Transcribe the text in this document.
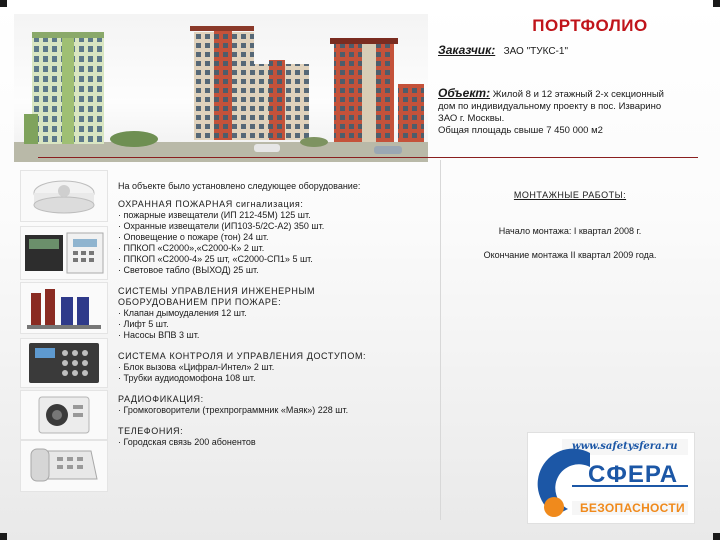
ПОРТФОЛИО
Заказчик: ЗАО "ТУКС-1"
Объект: Жилой 8 и 12 этажный 2-х секционный
дом по индивидуальному проекту в пос. Изварино
ЗАО г. Москвы.
Общая площадь свыше 7 450 000 м2
На объекте было установлено следующее оборудование:
ОХРАННАЯ ПОЖАРНАЯ сигнализация:
· пожарные извещатели (ИП 212-45М) 125 шт.
· Охранные извещатели (ИП103-5/2С-А2) 350 шт.
· Оповещение о пожаре (тон) 24 шт.
· ППКОП «С2000»,«С2000-К» 2 шт.
· ППКОП «С2000-4» 25 шт, «С2000-СП1» 5 шт.
· Световое табло (ВЫХОД) 25 шт.
СИСТЕМЫ УПРАВЛЕНИЯ ИНЖЕНЕРНЫМ ОБОРУДОВАНИЕМ ПРИ ПОЖАРЕ:
· Клапан дымоудаления 12 шт.
· Лифт 5 шт.
· Насосы ВПВ 3 шт.
СИСТЕМА КОНТРОЛЯ И УПРАВЛЕНИЯ ДОСТУПОМ:
· Блок вызова «Цифрал-Интел» 2 шт.
· Трубки аудиодомофона 108 шт.
РАДИОФИКАЦИЯ:
· Громкоговорители (трехпрограммник «Маяк») 228 шт.
ТЕЛЕФОНИЯ:
· Городская связь 200 абонентов
МОНТАЖНЫЕ РАБОТЫ:
Начало монтажа: I квартал 2008 г.
Окончание монтажа II квартал 2009 года.
www.safetysfera.ru
СФЕРА
БЕЗОПАСНОСТИ
